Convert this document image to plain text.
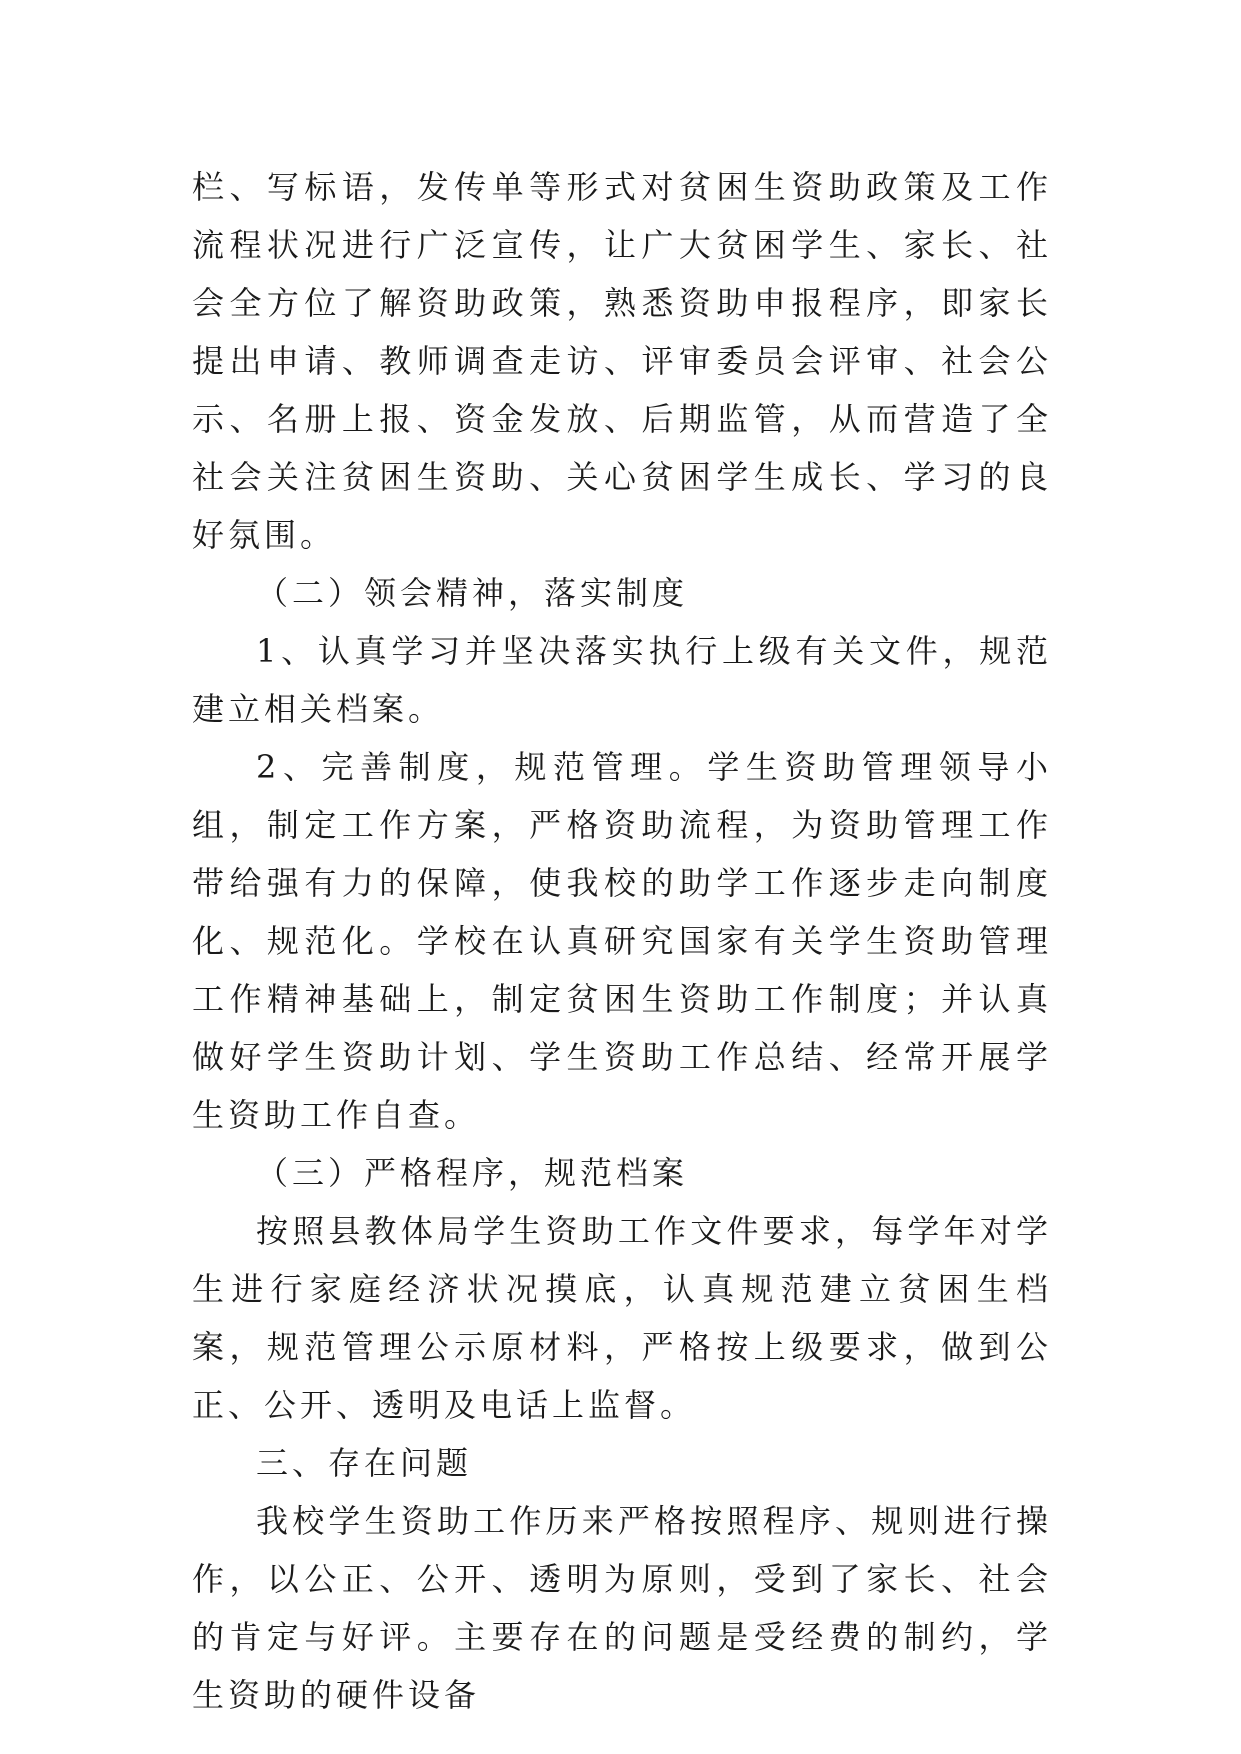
栏、写标语，发传单等形式对贫困生资助政策及工作流程状况进行广泛宣传，让广大贫困学生、家长、社会全方位了解资助政策，熟悉资助申报程序，即家长提出申请、教师调查走访、评审委员会评审、社会公示、名册上报、资金发放、后期监管，从而营造了全社会关注贫困生资助、关心贫困学生成长、学习的良好氛围。

（二）领会精神，落实制度

1、认真学习并坚决落实执行上级有关文件，规范建立相关档案。

2、完善制度，规范管理。学生资助管理领导小组，制定工作方案，严格资助流程，为资助管理工作带给强有力的保障，使我校的助学工作逐步走向制度化、规范化。学校在认真研究国家有关学生资助管理工作精神基础上，制定贫困生资助工作制度；并认真做好学生资助计划、学生资助工作总结、经常开展学生资助工作自查。

（三）严格程序，规范档案

按照县教体局学生资助工作文件要求，每学年对学生进行家庭经济状况摸底，认真规范建立贫困生档案，规范管理公示原材料，严格按上级要求，做到公正、公开、透明及电话上监督。

三、存在问题

我校学生资助工作历来严格按照程序、规则进行操作，以公正、公开、透明为原则，受到了家长、社会的肯定与好评。主要存在的问题是受经费的制约，学生资助的硬件设备
